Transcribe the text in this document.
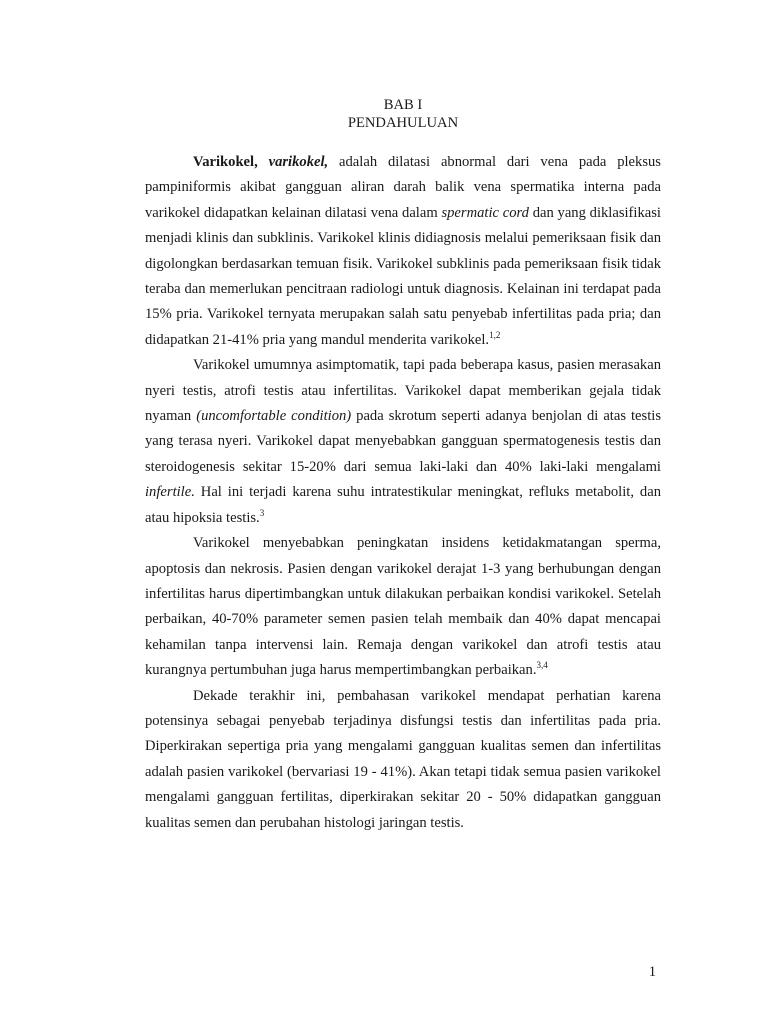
BAB I
PENDAHULUAN

Varikokel, varikokel, adalah dilatasi abnormal dari vena pada pleksus pampiniformis akibat gangguan aliran darah balik vena spermatika interna pada varikokel didapatkan kelainan dilatasi vena dalam spermatic cord dan yang diklasifikasi menjadi klinis dan subklinis. Varikokel klinis didiagnosis melalui pemeriksaan fisik dan digolongkan berdasarkan temuan fisik. Varikokel subklinis pada pemeriksaan fisik tidak teraba dan memerlukan pencitraan radiologi untuk diagnosis. Kelainan ini terdapat pada 15% pria. Varikokel ternyata merupakan salah satu penyebab infertilitas pada pria; dan didapatkan 21-41% pria yang mandul menderita varikokel.$^{1,2}$

Varikokel umumnya asimptomatik, tapi pada beberapa kasus, pasien merasakan nyeri testis, atrofi testis atau infertilitas. Varikokel dapat memberikan gejala tidak nyaman (uncomfortable condition) pada skrotum seperti adanya benjolan di atas testis yang terasa nyeri. Varikokel dapat menyebabkan gangguan spermatogenesis testis dan steroidogenesis sekitar 15-20% dari semua laki-laki dan 40% laki-laki mengalami infertile. Hal ini terjadi karena suhu intratestikular meningkat, refluks metabolit, dan atau hipoksia testis.$^3$

Varikokel menyebabkan peningkatan insidens ketidakmatangan sperma, apoptosis dan nekrosis. Pasien dengan varikokel derajat 1-3 yang berhubungan dengan infertilitas harus dipertimbangkan untuk dilakukan perbaikan kondisi varikokel. Setelah perbaikan, 40-70% parameter semen pasien telah membaik dan 40% dapat mencapai kehamilan tanpa intervensi lain. Remaja dengan varikokel dan atrofi testis atau kurangnya pertumbuhan juga harus mempertimbangkan perbaikan.$^{3,4}$

Dekade terakhir ini, pembahasan varikokel mendapat perhatian karena potensinya sebagai penyebab terjadinya disfungsi testis dan infertilitas pada pria. Diperkirakan sepertiga pria yang mengalami gangguan kualitas semen dan infertilitas adalah pasien varikokel (bervariasi 19 - 41%). Akan tetapi tidak semua pasien varikokel mengalami gangguan fertilitas, diperkirakan sekitar 20 - 50% didapatkan gangguan kualitas semen dan perubahan histologi jaringan testis.

1
